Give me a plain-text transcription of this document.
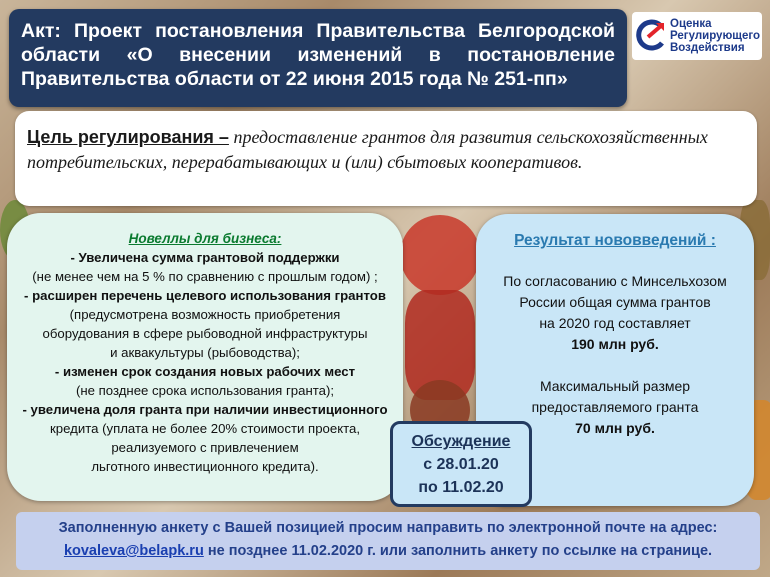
Акт: Проект постановления Правительства Белгородской области «О внесении изменений в постановление Правительства области от 22 июня 2015 года № 251-пп»
Оценка
Регулирующего
Воздействия
Цель регулирования – предоставление грантов для развития сельскохозяйственных потребительских, перерабатывающих и (или) сбытовых кооперативов.
Новеллы для бизнеса:
- Увеличена сумма грантовой поддержки
(не менее чем на 5 % по сравнению с прошлым годом) ;
- расширен перечень целевого использования грантов
(предусмотрена возможность приобретения
оборудования в сфере рыбоводной инфраструктуры
и аквакультуры (рыбоводства);
- изменен срок создания новых рабочих мест
(не позднее срока использования гранта);
- увеличена доля гранта при наличии инвестиционного
кредита (уплата не более 20% стоимости проекта,
реализуемого с привлечением
льготного инвестиционного кредита).
Результат нововведений :
По согласованию с Минсельхозом
России общая сумма грантов
на 2020 год составляет
190 млн руб.
Максимальный размер
предоставляемого гранта
70 млн руб.
Обсуждение
с 28.01.20
по 11.02.20
Заполненную анкету с Вашей позицией просим направить по электронной почте на адрес:
kovaleva@belapk.ru не позднее 11.02.2020 г. или заполнить анкету по ссылке на странице.
